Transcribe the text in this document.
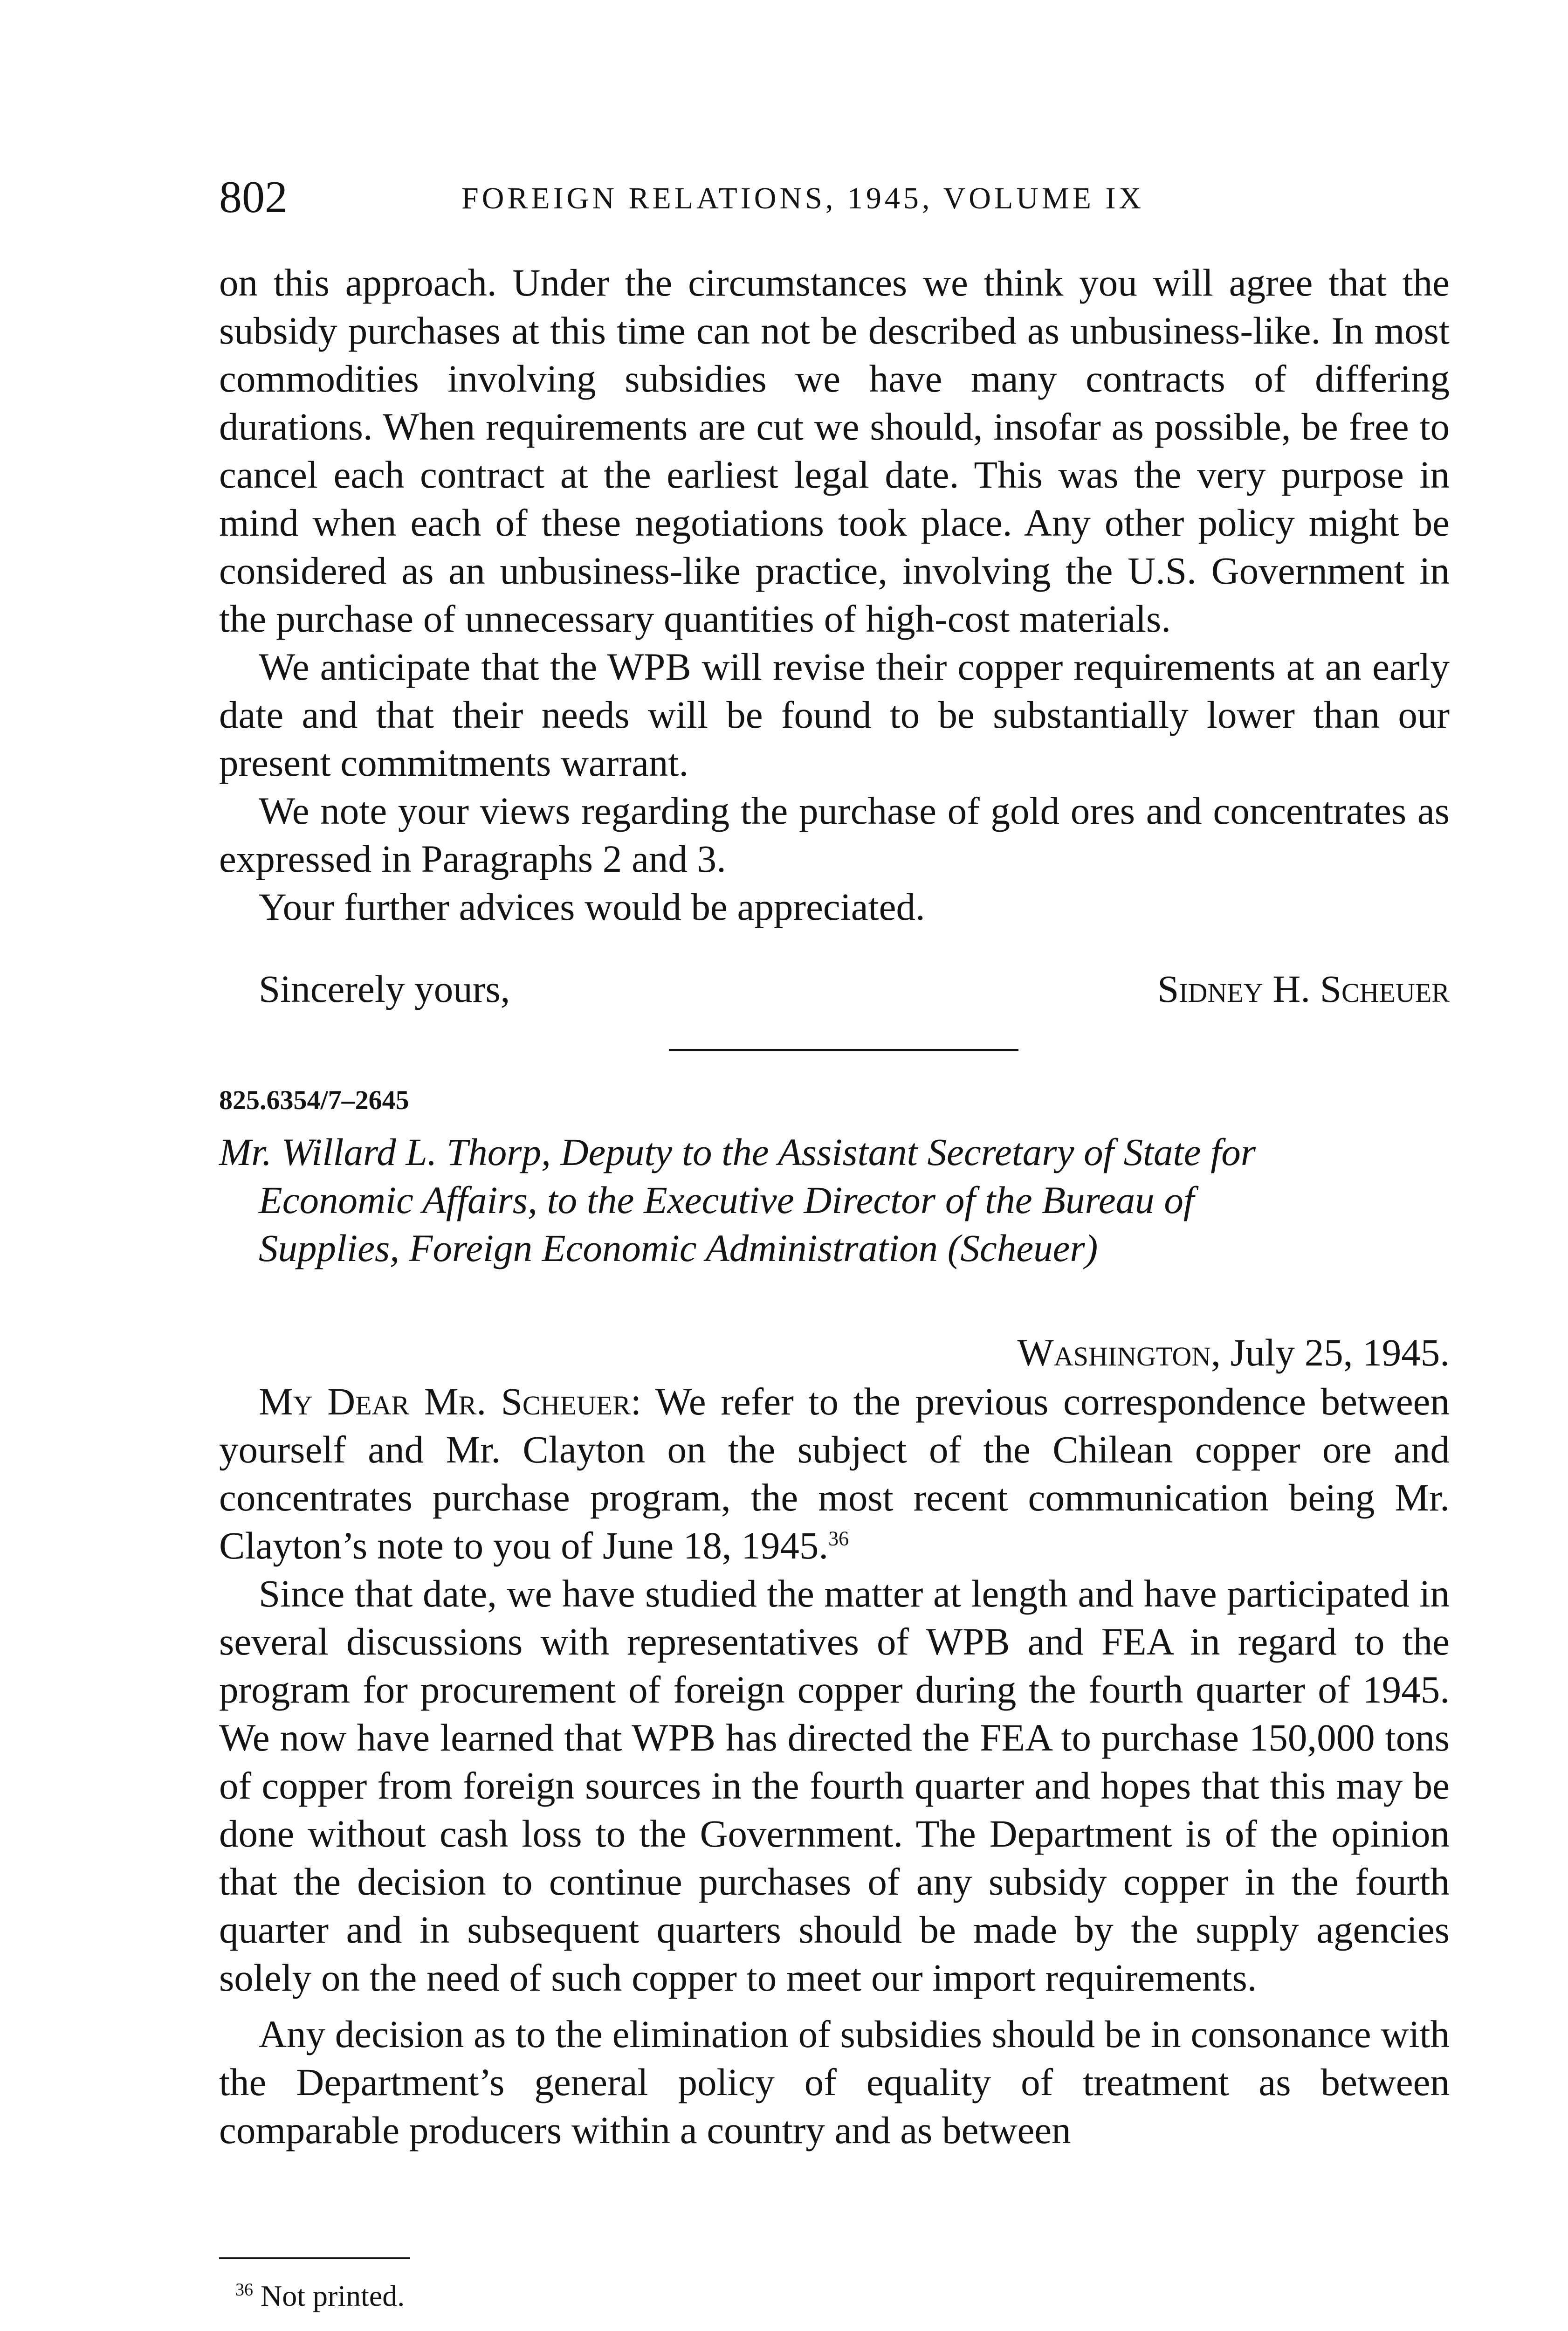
802	FOREIGN RELATIONS, 1945, VOLUME IX

on this approach. Under the circumstances we think you will agree that the subsidy purchases at this time can not be described as unbusiness-like. In most commodities involving subsidies we have many contracts of differing durations. When requirements are cut we should, insofar as possible, be free to cancel each contract at the earliest legal date. This was the very purpose in mind when each of these negotiations took place. Any other policy might be considered as an unbusiness-like practice, involving the U.S. Government in the purchase of unnecessary quantities of high-cost materials.

We anticipate that the WPB will revise their copper requirements at an early date and that their needs will be found to be substantially lower than our present commitments warrant.

We note your views regarding the purchase of gold ores and concentrates as expressed in Paragraphs 2 and 3.

Your further advices would be appreciated.

Sincerely yours,	Sidney H. Scheuer
825.6354/7–2645
Mr. Willard L. Thorp, Deputy to the Assistant Secretary of State for
Economic Affairs, to the Executive Director of the Bureau of
Supplies, Foreign Economic Administration (Scheuer)
Washington, July 25, 1945.

My Dear Mr. Scheuer: We refer to the previous correspondence between yourself and Mr. Clayton on the subject of the Chilean copper ore and concentrates purchase program, the most recent communication being Mr. Clayton’s note to you of June 18, 1945.36

Since that date, we have studied the matter at length and have participated in several discussions with representatives of WPB and FEA in regard to the program for procurement of foreign copper during the fourth quarter of 1945. We now have learned that WPB has directed the FEA to purchase 150,000 tons of copper from foreign sources in the fourth quarter and hopes that this may be done without cash loss to the Government. The Department is of the opinion that the decision to continue purchases of any subsidy copper in the fourth quarter and in subsequent quarters should be made by the supply agencies solely on the need of such copper to meet our import requirements.

Any decision as to the elimination of subsidies should be in consonance with the Department’s general policy of equality of treatment as between comparable producers within a country and as between

$^{36}$ Not printed.
